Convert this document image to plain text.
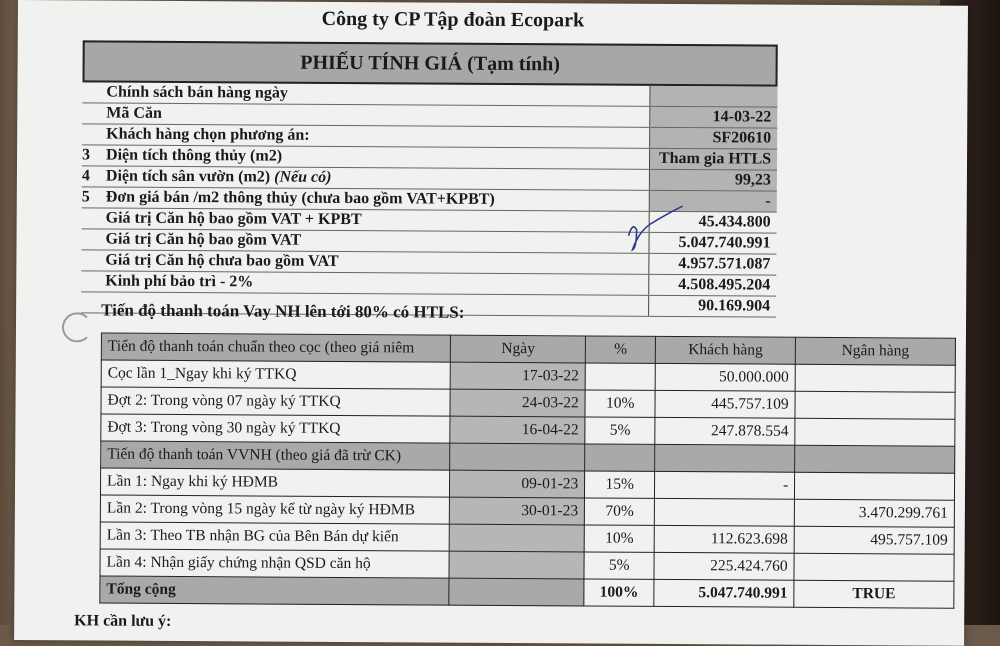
Công ty CP Tập đoàn Ecopark
PHIẾU TÍNH GIÁ (Tạm tính)
	Chính sách bán hàng ngày	
	Mã Căn	14-03-22
	Khách hàng chọn phương án:	SF20610
3	Diện tích thông thủy (m2)	Tham gia HTLS
4	Diện tích sân vườn (m2) (Nếu có)	99,23
5	Đơn giá bán /m2 thông thủy (chưa bao gồm VAT+KPBT)	-
	Giá trị Căn hộ bao gồm VAT + KPBT	45.434.800
	Giá trị Căn hộ bao gồm VAT	5.047.740.991
	Giá trị Căn hộ chưa bao gồm VAT	4.957.571.087
	Kinh phí bảo trì - 2%	4.508.495.204
		90.169.904
Tiến độ thanh toán Vay NH lên tới 80% có HTLS:
Tiến độ thanh toán chuẩn theo cọc (theo giá niêm	Ngày	%	Khách hàng	Ngân hàng
Cọc lần 1_Ngay khi ký TTKQ	17-03-22		50.000.000	
Đợt 2: Trong vòng 07 ngày ký TTKQ	24-03-22	10%	445.757.109	
Đợt 3: Trong vòng 30 ngày ký TTKQ	16-04-22	5%	247.878.554	
Tiến độ thanh toán VVNH (theo giá đã trừ CK)				
Lần 1: Ngay khi ký HĐMB	09-01-23	15%	-	
Lần 2: Trong vòng 15 ngày kể từ ngày ký HĐMB	30-01-23	70%		3.470.299.761
Lần 3: Theo TB nhận BG của Bên Bán dự kiến		10%	112.623.698	495.757.109
Lần 4: Nhận giấy chứng nhận QSD căn hộ		5%	225.424.760	
Tổng cộng		100%	5.047.740.991	TRUE
KH cần lưu ý:
